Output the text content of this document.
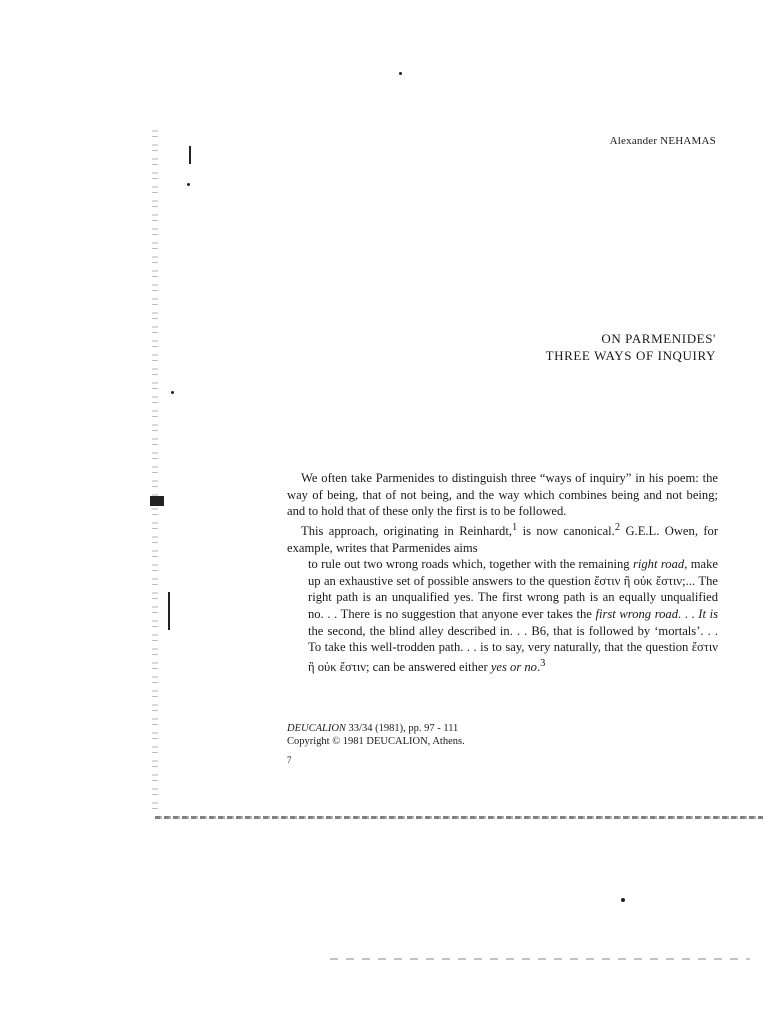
Alexander NEHAMAS
ON PARMENIDES'
THREE WAYS OF INQUIRY

We often take Parmenides to distinguish three “ways of inquiry” in his poem: the way of being, that of not being, and the way which combines being and not being; and to hold that of these only the first is to be followed.

This approach, originating in Reinhardt,$^1$ is now canonical.$^2$ G.E.L. Owen, for example, writes that Parmenides aims

to rule out two wrong roads which, together with the remaining right road, make up an exhaustive set of possible answers to the question ἔστιν ἢ οὐκ ἔστιν;... The right path is an unqualified yes. The first wrong path is an equally unqualified no. . . There is no suggestion that anyone ever takes the first wrong road. . . It is the second, the blind alley described in. . . B6, that is followed by ‘mortals’. . . To take this well-trodden path. . . is to say, very naturally, that the question ἔστιν ἢ οὐκ ἔστιν; can be answered either yes or no.$^3$

DEUCALION 33/34 (1981), pp. 97 - 111
Copyright © 1981 DEUCALION, Athens.
7
